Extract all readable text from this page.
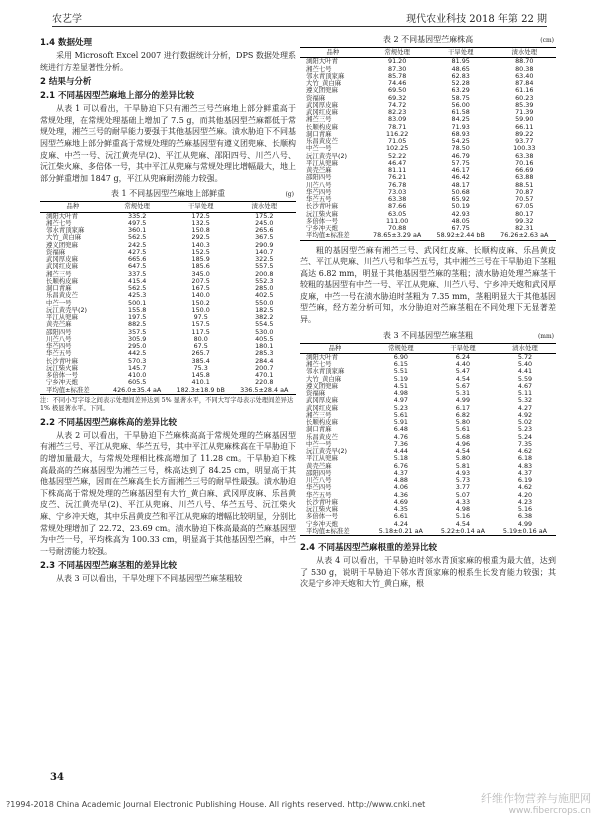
农艺学	现代农业科技 2018 年第 22 期
1.4 数据处理

采用 Microsoft Excel 2007 进行数据统计分析，DPS 数据处理系统进行方差显著性分析。

2 结果与分析
2.1 不同基因型苎麻地上部分的差异比较

从表 1 可以看出，干旱胁迫下只有湘苎三号苎麻地上部分鲜重高于常规处理，在常规处理基础上增加了 7.5 g，而其他基因型苎麻都低于常规处理，湘苎三号的耐旱能力要强于其他基因型苎麻。渍水胁迫下不同基因型苎麻地上部分鲜重高于常规处理的苎麻基因型有遵义团兜麻、长顺构皮麻、中苎一号、沅江黄壳早(2)、平江从兜麻、邵阳四号、川苎八号、沅江柴火麻、多倍体一号，其中平江从兜麻与常规处理比增幅最大，地上部分鲜重增加 1847 g，平江从兜麻耐涝能力较强。

表 1 不同基因型苎麻地上部鲜重	(g)
品种	常规处理	干旱处理	渍水处理
浏阳大叶青	335.2	172.5	175.2
湘苎七号	497.5	132.5	245.0
邻水青顶家麻	360.1	150.8	265.6
大竹_黄白麻	562.5	292.5	367.5
遵义团兜麻	242.5	140.3	290.9
资福麻	427.5	152.5	140.7
武冈厚皮麻	665.6	185.9	322.5
武冈红皮麻	647.5	185.6	557.5
湘苎三号	337.5	345.0	200.8
长顺构皮麻	415.4	207.5	552.3
洞口青麻	562.5	167.5	285.0
乐昌黄皮苎	425.3	140.0	402.5
中苎一号	500.1	150.2	550.0
沅江黄壳早(2)	155.8	150.0	182.5
平江从兜麻	197.5	97.5	382.2
黄壳苎麻	882.5	157.5	554.5
邵阳四号	357.5	117.5	530.0
川苎八号	305.9	80.0	405.5
华苎四号	295.0	67.5	180.1
华苎五号	442.5	265.7	285.3
长沙青叶麻	570.3	385.4	284.4
沅江柴火麻	145.7	75.3	200.7
多倍体一号	410.0	145.8	470.1
宁乡冲天炮	605.5	410.1	220.8
平均值±标准差	426.0±35.4 aA	182.3±18.9 bB	336.5±28.4 aA
注：不同小写字母之间表示处理间差异达到 5% 显著水平，不同大写字母表示处理间差异达 1% 极显著水平。下同。
2.2 不同基因型苎麻株高的差异比较

从表 2 可以看出，干旱胁迫下苎麻株高高于常规处理的苎麻基因型有湘苎三号、平江从兜麻、华苎五号，其中平江从兜麻株高在干旱胁迫下的增加量最大，与常规处理相比株高增加了 11.28 cm。干旱胁迫下株高最高的苎麻基因型为湘苎三号，株高达到了 84.25 cm，明显高于其他基因型苎麻，因而在苎麻高生长方面湘苎三号的耐旱性最强。渍水胁迫下株高高于常规处理的苎麻基因型有大竹_黄白麻、武冈厚皮麻、乐昌黄皮苎、沅江黄壳早(2)、平江从兜麻、川苎八号、华苎五号、沅江柴火麻、宁乡冲天炮，其中乐昌黄皮苎和平江从兜麻的增幅比较明显，分别比常规处理增加了 22.72、23.69 cm。渍水胁迫下株高最高的苎麻基因型为中苎一号，平均株高为 100.33 cm，明显高于其他基因型苎麻，中苎一号耐涝能力较强。

2.3 不同基因型苎麻茎粗的差异比较

从表 3 可以看出，干旱处理下不同基因型苎麻茎粗较

表 2 不同基因型苎麻株高	(cm)
品种	常规处理	干旱处理	渍水处理
浏阳大叶青	91.20	81.95	88.70
湘苎七号	87.30	48.65	80.38
邻水青顶家麻	85.78	62.83	63.40
大竹_黄白麻	74.46	52.28	87.84
遵义团兜麻	69.50	63.29	61.16
资福麻	69.32	58.75	60.23
武冈厚皮麻	74.72	56.00	85.39
武冈红皮麻	82.23	61.58	71.39
湘苎三号	83.09	84.25	59.90
长顺构皮麻	78.71	71.93	66.11
洞口青麻	116.22	68.93	89.22
乐昌黄皮苎	71.05	54.25	93.77
中苎一号	102.25	78.50	100.33
沅江黄壳早(2)	52.22	46.79	63.38
平江从兜麻	46.47	57.75	70.16
黄壳苎麻	81.11	46.17	66.69
邵阳四号	76.21	46.42	63.88
川苎八号	76.78	48.17	88.51
华苎四号	73.03	50.68	70.87
华苎五号	63.38	65.92	70.57
长沙青叶麻	87.66	50.19	67.05
沅江柴火麻	63.05	42.93	80.17
多倍体一号	111.00	48.05	99.32
宁乡冲天炮	70.88	67.75	82.31
平均值±标准差	78.65±3.29 aA	58.92±2.44 bB	76.26±2.63 aA

粗的基因型苎麻有湘苎三号、武冈红皮麻、长顺构皮麻、乐昌黄皮苎、平江从兜麻、川苎八号和华苎五号，其中湘苎三号在干旱胁迫下茎粗高达 6.82 mm，明显于其他基因型苎麻的茎粗；渍水胁迫处理苎麻茎干较粗的基因型有中苎一号、平江从兜麻、川苎八号、宁乡冲天炮和武冈厚皮麻，中苎一号在渍水胁迫时茎粗为 7.35 mm，茎粗明显大于其他基因型苎麻，经方差分析可知，水分胁迫对苎麻茎粗在不同处理下无显著差异。

表 3 不同基因型苎麻茎粗	(mm)
品种	常规处理	干旱处理	渍水处理
浏阳大叶青	6.90	6.24	5.72
湘苎七号	6.15	4.40	5.40
邻水青顶家麻	5.51	5.47	4.41
大竹_黄白麻	5.19	4.54	5.59
遵义团兜麻	4.51	5.67	4.67
资福麻	4.98	5.31	5.11
武冈厚皮麻	4.97	4.99	5.32
武冈红皮麻	5.23	6.17	4.27
湘苎三号	5.61	6.82	4.92
长顺构皮麻	5.91	5.80	5.02
洞口青麻	6.48	5.61	5.23
乐昌黄皮苎	4.76	5.68	5.24
中苎一号	7.36	4.96	7.35
沅江黄壳早(2)	4.44	4.54	4.62
平江从兜麻	5.18	5.80	6.18
黄壳苎麻	6.76	5.81	4.83
邵阳四号	4.37	4.93	4.37
川苎八号	4.88	5.73	6.19
华苎四号	4.06	3.77	4.62
华苎五号	4.36	5.07	4.20
长沙青叶麻	4.69	4.33	4.23
沅江柴火麻	4.35	4.98	5.16
多倍体一号	6.61	5.16	6.38
宁乡冲天炮	4.24	4.54	4.99
平均值±标准差	5.18±0.21 aA	5.22±0.14 aA	5.19±0.16 aA
2.4 不同基因型苎麻根重的差异比较

从表 4 可以看出，干旱胁迫时邻水青顶家麻的根重为最大值，达到了 530 g，说明干旱胁迫下邻水青顶家麻的根系生长发育能力较强；其次是宁乡冲天炮和大竹_黄白麻，根

34
?1994-2018 China Academic Journal Electronic Publishing House. All rights reserved. http://www.cnki.net	纤维作物营养与施肥网
www.fibercrops.cn
